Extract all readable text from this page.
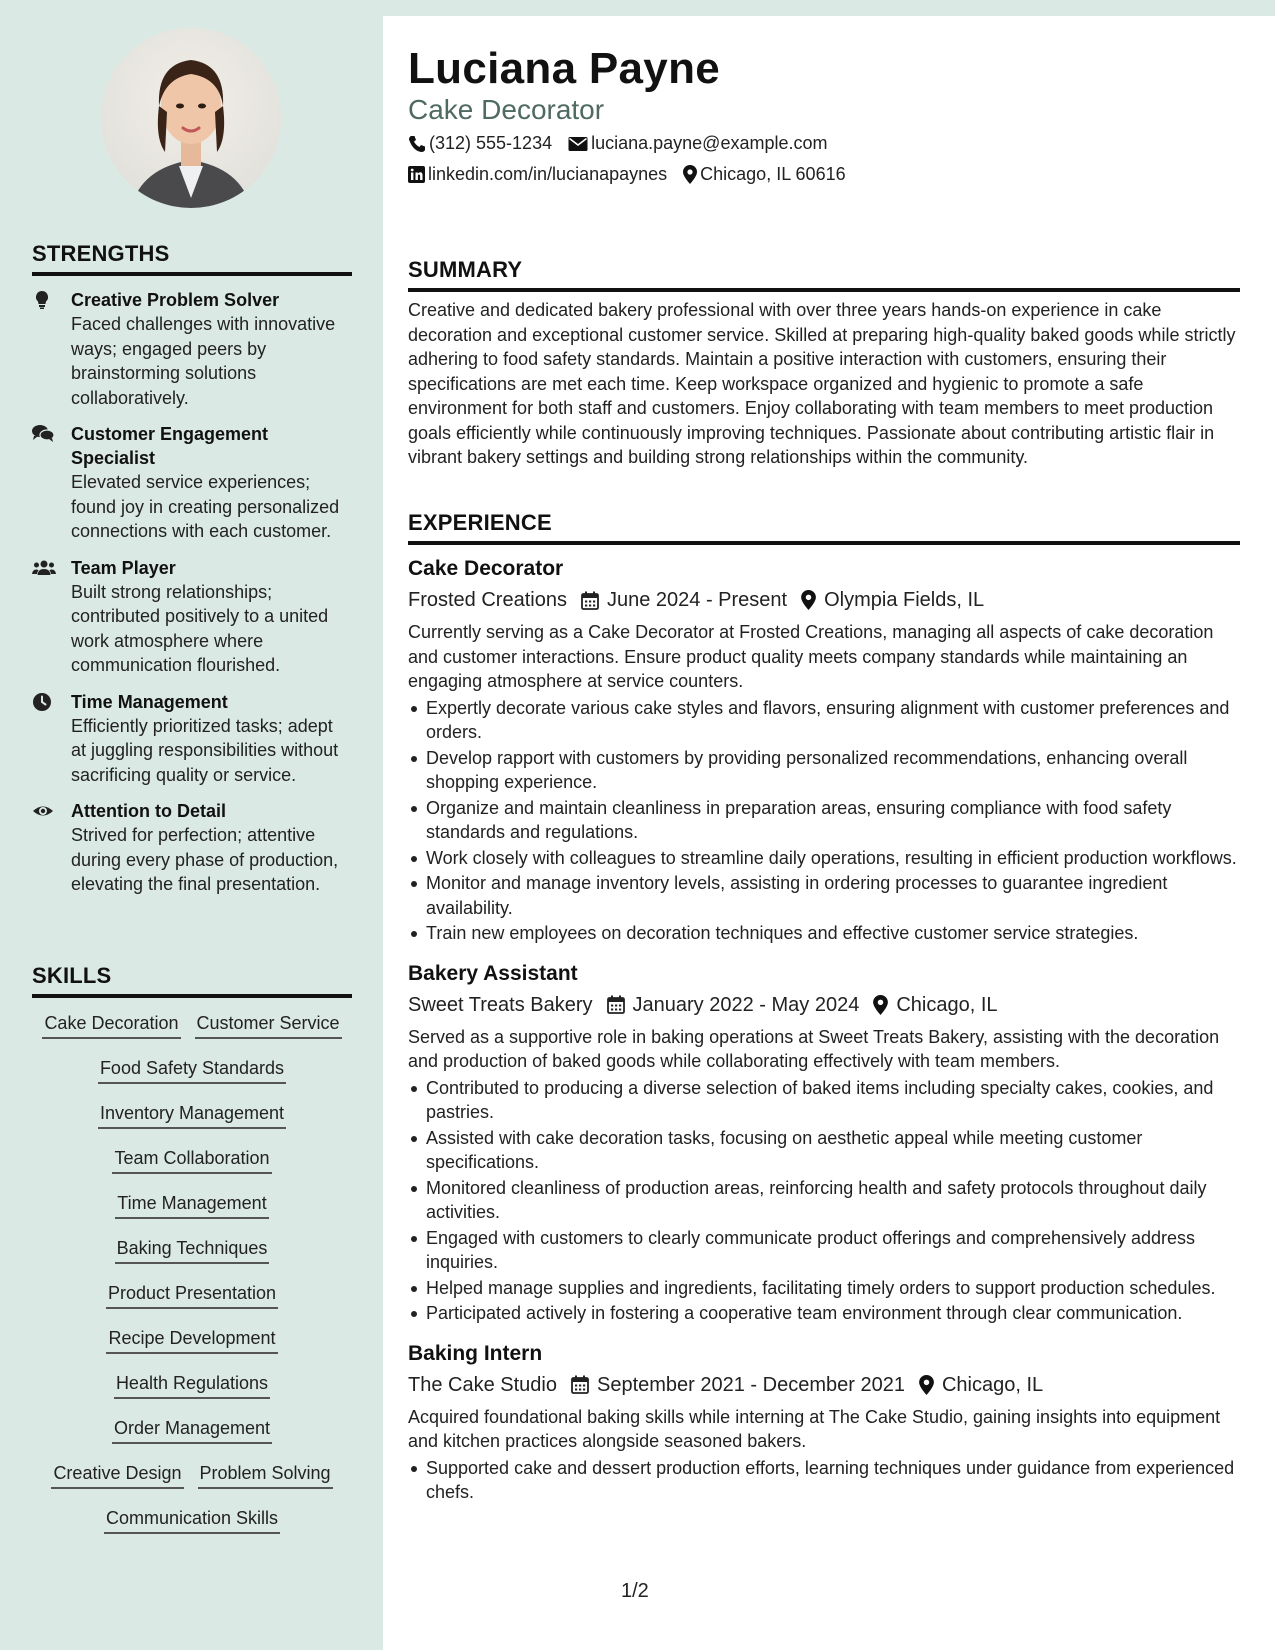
STRENGTHS
Creative Problem Solver
Faced challenges with innovative ways; engaged peers by brainstorming solutions collaboratively.
Customer Engagement Specialist
Elevated service experiences; found joy in creating personalized connections with each customer.
Team Player
Built strong relationships; contributed positively to a united work atmosphere where communication flourished.
Time Management
Efficiently prioritized tasks; adept at juggling responsibilities without sacrificing quality or service.
Attention to Detail
Strived for perfection; attentive during every phase of production, elevating the final presentation.
SKILLS
Cake Decoration Customer Service
Food Safety Standards
Inventory Management
Team Collaboration
Time Management
Baking Techniques
Product Presentation
Recipe Development
Health Regulations
Order Management
Creative Design Problem Solving
Communication Skills
Luciana Payne
Cake Decorator
(312) 555-1234 luciana.payne@example.com
linkedin.com/in/lucianapaynes Chicago, IL 60616
SUMMARY

Creative and dedicated bakery professional with over three years hands-on experience in cake decoration and exceptional customer service. Skilled at preparing high-quality baked goods while strictly adhering to food safety standards. Maintain a positive interaction with customers, ensuring their specifications are met each time. Keep workspace organized and hygienic to promote a safe environment for both staff and customers. Enjoy collaborating with team members to meet production goals efficiently while continuously improving techniques. Passionate about contributing artistic flair in vibrant bakery settings and building strong relationships within the community.

EXPERIENCE
Cake Decorator
Frosted Creations June 2024 - Present Olympia Fields, IL
Currently serving as a Cake Decorator at Frosted Creations, managing all aspects of cake decoration and customer interactions. Ensure product quality meets company standards while maintaining an engaging atmosphere at service counters.
Expertly decorate various cake styles and flavors, ensuring alignment with customer preferences and orders.
Develop rapport with customers by providing personalized recommendations, enhancing overall shopping experience.
Organize and maintain cleanliness in preparation areas, ensuring compliance with food safety standards and regulations.
Work closely with colleagues to streamline daily operations, resulting in efficient production workflows.
Monitor and manage inventory levels, assisting in ordering processes to guarantee ingredient availability.
Train new employees on decoration techniques and effective customer service strategies.
Bakery Assistant
Sweet Treats Bakery January 2022 - May 2024 Chicago, IL
Served as a supportive role in baking operations at Sweet Treats Bakery, assisting with the decoration and production of baked goods while collaborating effectively with team members.
Contributed to producing a diverse selection of baked items including specialty cakes, cookies, and pastries.
Assisted with cake decoration tasks, focusing on aesthetic appeal while meeting customer specifications.
Monitored cleanliness of production areas, reinforcing health and safety protocols throughout daily activities.
Engaged with customers to clearly communicate product offerings and comprehensively address inquiries.
Helped manage supplies and ingredients, facilitating timely orders to support production schedules.
Participated actively in fostering a cooperative team environment through clear communication.
Baking Intern
The Cake Studio September 2021 - December 2021 Chicago, IL
Acquired foundational baking skills while interning at The Cake Studio, gaining insights into equipment and kitchen practices alongside seasoned bakers.
Supported cake and dessert production efforts, learning techniques under guidance from experienced chefs.
1/2
